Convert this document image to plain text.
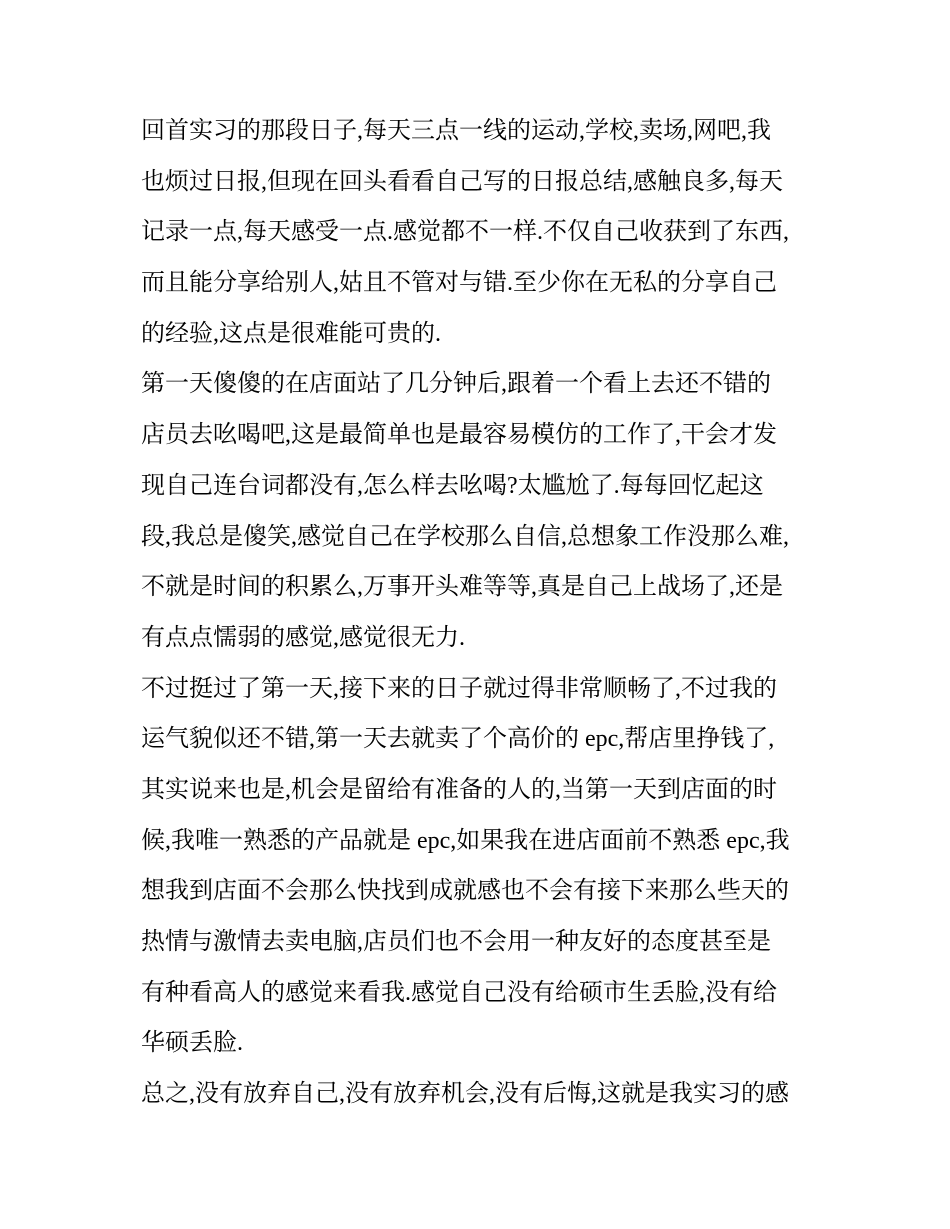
回首实习的那段日子,每天三点一线的运动,学校,卖场,网吧,我
也烦过日报,但现在回头看看自己写的日报总结,感触良多,每天
记录一点,每天感受一点.感觉都不一样.不仅自己收获到了东西,
而且能分享给别人,姑且不管对与错.至少你在无私的分享自己
的经验,这点是很难能可贵的.
第一天傻傻的在店面站了几分钟后,跟着一个看上去还不错的
店员去吆喝吧,这是最简单也是最容易模仿的工作了,干会才发
现自己连台词都没有,怎么样去吆喝?太尴尬了.每每回忆起这
段,我总是傻笑,感觉自己在学校那么自信,总想象工作没那么难,
不就是时间的积累么,万事开头难等等,真是自己上战场了,还是
有点点懦弱的感觉,感觉很无力.
不过挺过了第一天,接下来的日子就过得非常顺畅了,不过我的
运气貌似还不错,第一天去就卖了个高价的 epc,帮店里挣钱了,
其实说来也是,机会是留给有准备的人的,当第一天到店面的时
候,我唯一熟悉的产品就是 epc,如果我在进店面前不熟悉 epc,我
想我到店面不会那么快找到成就感也不会有接下来那么些天的
热情与激情去卖电脑,店员们也不会用一种友好的态度甚至是
有种看高人的感觉来看我.感觉自己没有给硕市生丢脸,没有给
华硕丢脸.
总之,没有放弃自己,没有放弃机会,没有后悔,这就是我实习的感
